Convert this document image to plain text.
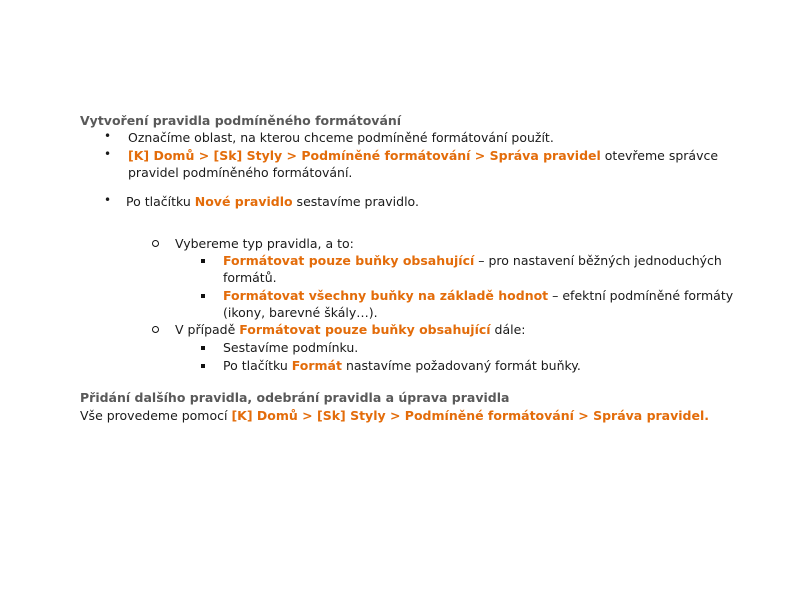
Vytvoření pravidla podmíněného formátování
• Označíme oblast, na kterou chceme podmíněné formátování použít.
• [K] Domů > [Sk] Styly > Podmíněné formátování > Správa pravidel otevřeme správce
pravidel podmíněného formátování.
• Po tlačítku Nové pravidlo sestavíme pravidlo.
Vybereme typ pravidla, a to:
Formátovat pouze buňky obsahující – pro nastavení běžných jednoduchých
formátů.
Formátovat všechny buňky na základě hodnot – efektní podmíněné formáty
(ikony, barevné škály…).
V případě Formátovat pouze buňky obsahující dále:
Sestavíme podmínku.
Po tlačítku Formát nastavíme požadovaný formát buňky.
Přidání dalšího pravidla, odebrání pravidla a úprava pravidla
Vše provedeme pomocí [K] Domů > [Sk] Styly > Podmíněné formátování > Správa pravidel.
